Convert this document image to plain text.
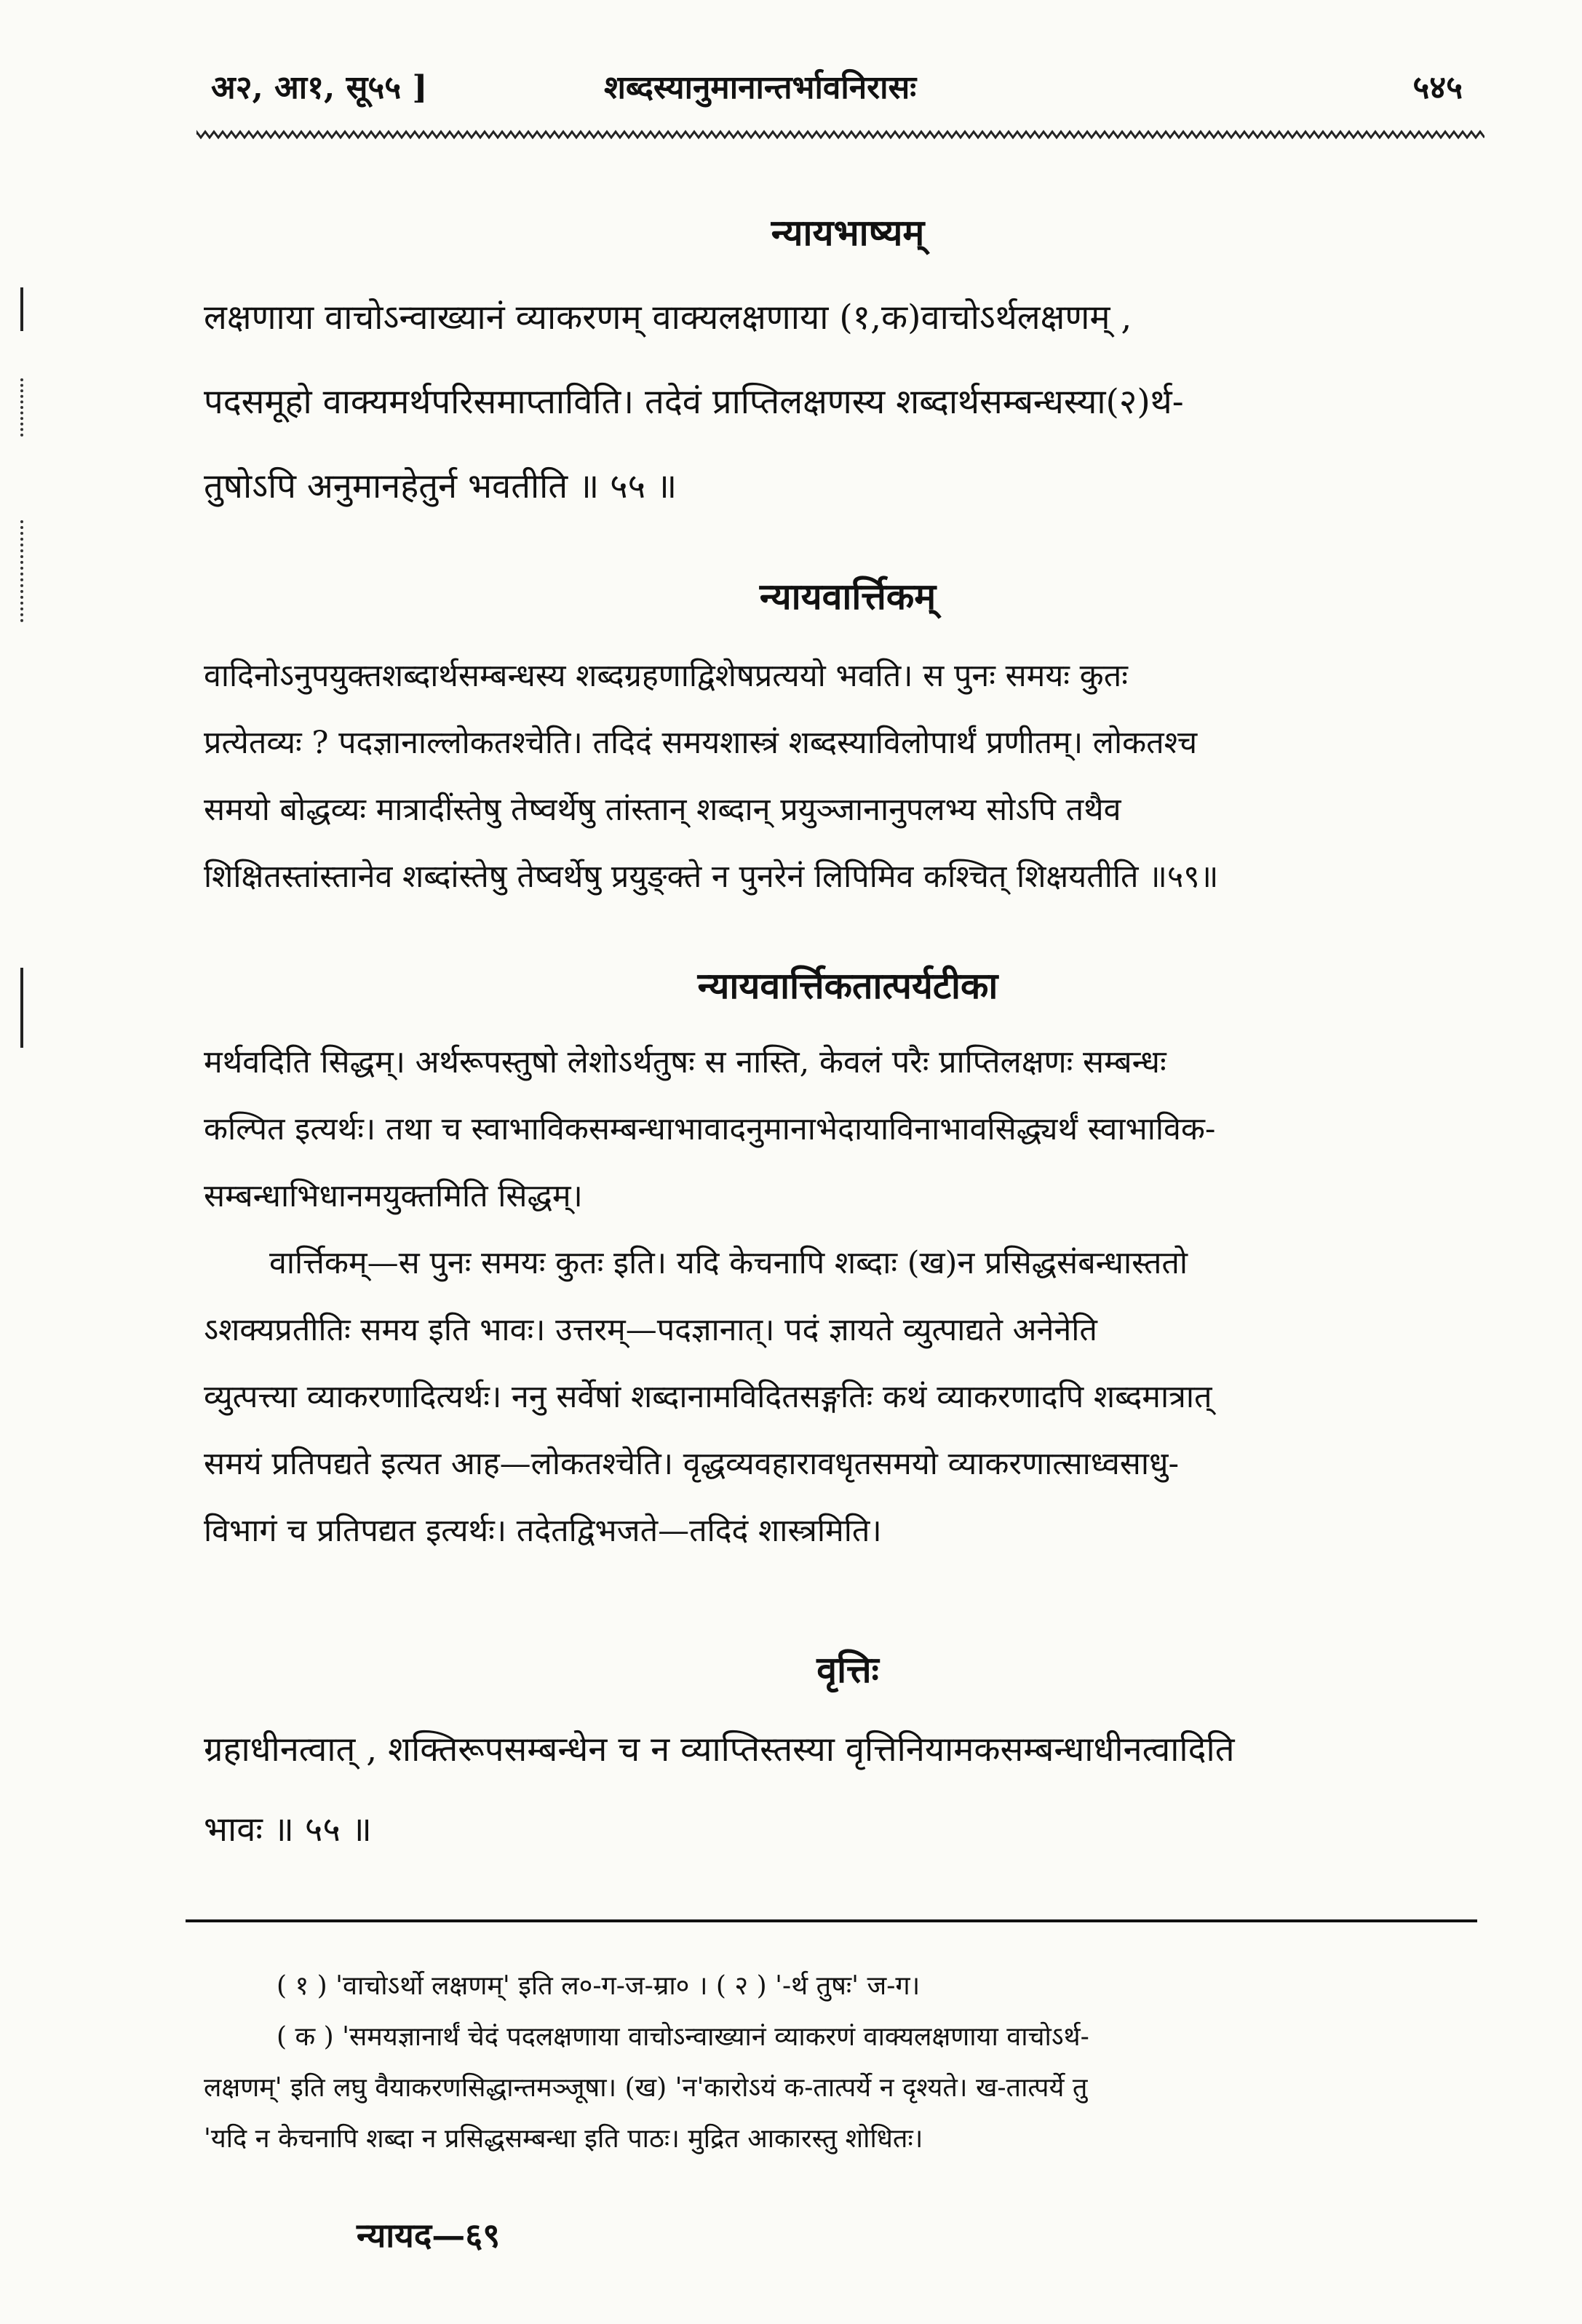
अ२, आ१, सू५५ ]	शब्दस्यानुमानान्तर्भावनिरासः	५४५

न्यायभाष्यम्

लक्षणाया वाचोऽन्वाख्यानं व्याकरणम् वाक्यलक्षणाया (१,क)वाचोऽर्थलक्षणम् ,

पदसमूहो वाक्यमर्थपरिसमाप्ताविति। तदेवं प्राप्तिलक्षणस्य शब्दार्थसम्बन्धस्या(२)र्थ-

तुषोऽपि अनुमानहेतुर्न भवतीति ॥ ५५ ॥

न्यायवार्त्तिकम्

वादिनोऽनुपयुक्तशब्दार्थसम्बन्धस्य शब्दग्रहणाद्विशेषप्रत्ययो भवति। स पुनः समयः कुतः

प्रत्येतव्यः ? पदज्ञानाल्लोकतश्चेति। तदिदं समयशास्त्रं शब्दस्याविलोपार्थं प्रणीतम्। लोकतश्च

समयो बोद्धव्यः मात्रादींस्तेषु तेष्वर्थेषु तांस्तान् शब्दान् प्रयुञ्जानानुपलभ्य सोऽपि तथैव

शिक्षितस्तांस्तानेव शब्दांस्तेषु तेष्वर्थेषु प्रयुङ्क्ते न पुनरेनं लिपिमिव कश्चित् शिक्षयतीति ॥५९॥

न्यायवार्त्तिकतात्पर्यटीका

मर्थवदिति सिद्धम्। अर्थरूपस्तुषो लेशोऽर्थतुषः स नास्ति, केवलं परैः प्राप्तिलक्षणः सम्बन्धः

कल्पित इत्यर्थः। तथा च स्वाभाविकसम्बन्धाभावादनुमानाभेदायाविनाभावसिद्ध्यर्थं स्वाभाविक-

सम्बन्धाभिधानमयुक्तमिति सिद्धम्।

वार्त्तिकम्—स पुनः समयः कुतः इति। यदि केचनापि शब्दाः (ख)न प्रसिद्धसंबन्धास्ततो

ऽशक्यप्रतीतिः समय इति भावः। उत्तरम्—पदज्ञानात्। पदं ज्ञायते व्युत्पाद्यते अनेनेति

व्युत्पत्त्या व्याकरणादित्यर्थः। ननु सर्वेषां शब्दानामविदितसङ्गतिः कथं व्याकरणादपि शब्दमात्रात्

समयं प्रतिपद्यते इत्यत आह—लोकतश्चेति। वृद्धव्यवहारावधृतसमयो व्याकरणात्साध्वसाधु-

विभागं च प्रतिपद्यत इत्यर्थः। तदेतद्विभजते—तदिदं शास्त्रमिति।

वृत्तिः

ग्रहाधीनत्वात् , शक्तिरूपसम्बन्धेन च न व्याप्तिस्तस्या वृत्तिनियामकसम्बन्धाधीनत्वादिति

भावः ॥ ५५ ॥

( १ ) 'वाचोऽर्थो लक्षणम्' इति ल०-ग-ज-म्रा० । ( २ ) '-र्थ तुषः' ज-ग।

( क ) 'समयज्ञानार्थं चेदं पदलक्षणाया वाचोऽन्वाख्यानं व्याकरणं वाक्यलक्षणाया वाचोऽर्थ-

लक्षणम्' इति लघु वैयाकरणसिद्धान्तमञ्जूषा। (ख) 'न'कारोऽयं क-तात्पर्ये न दृश्यते। ख-तात्पर्ये तु

'यदि न केचनापि शब्दा न प्रसिद्धसम्बन्धा इति पाठः। मुद्रित आकारस्तु शोधितः।

न्यायद—६९
